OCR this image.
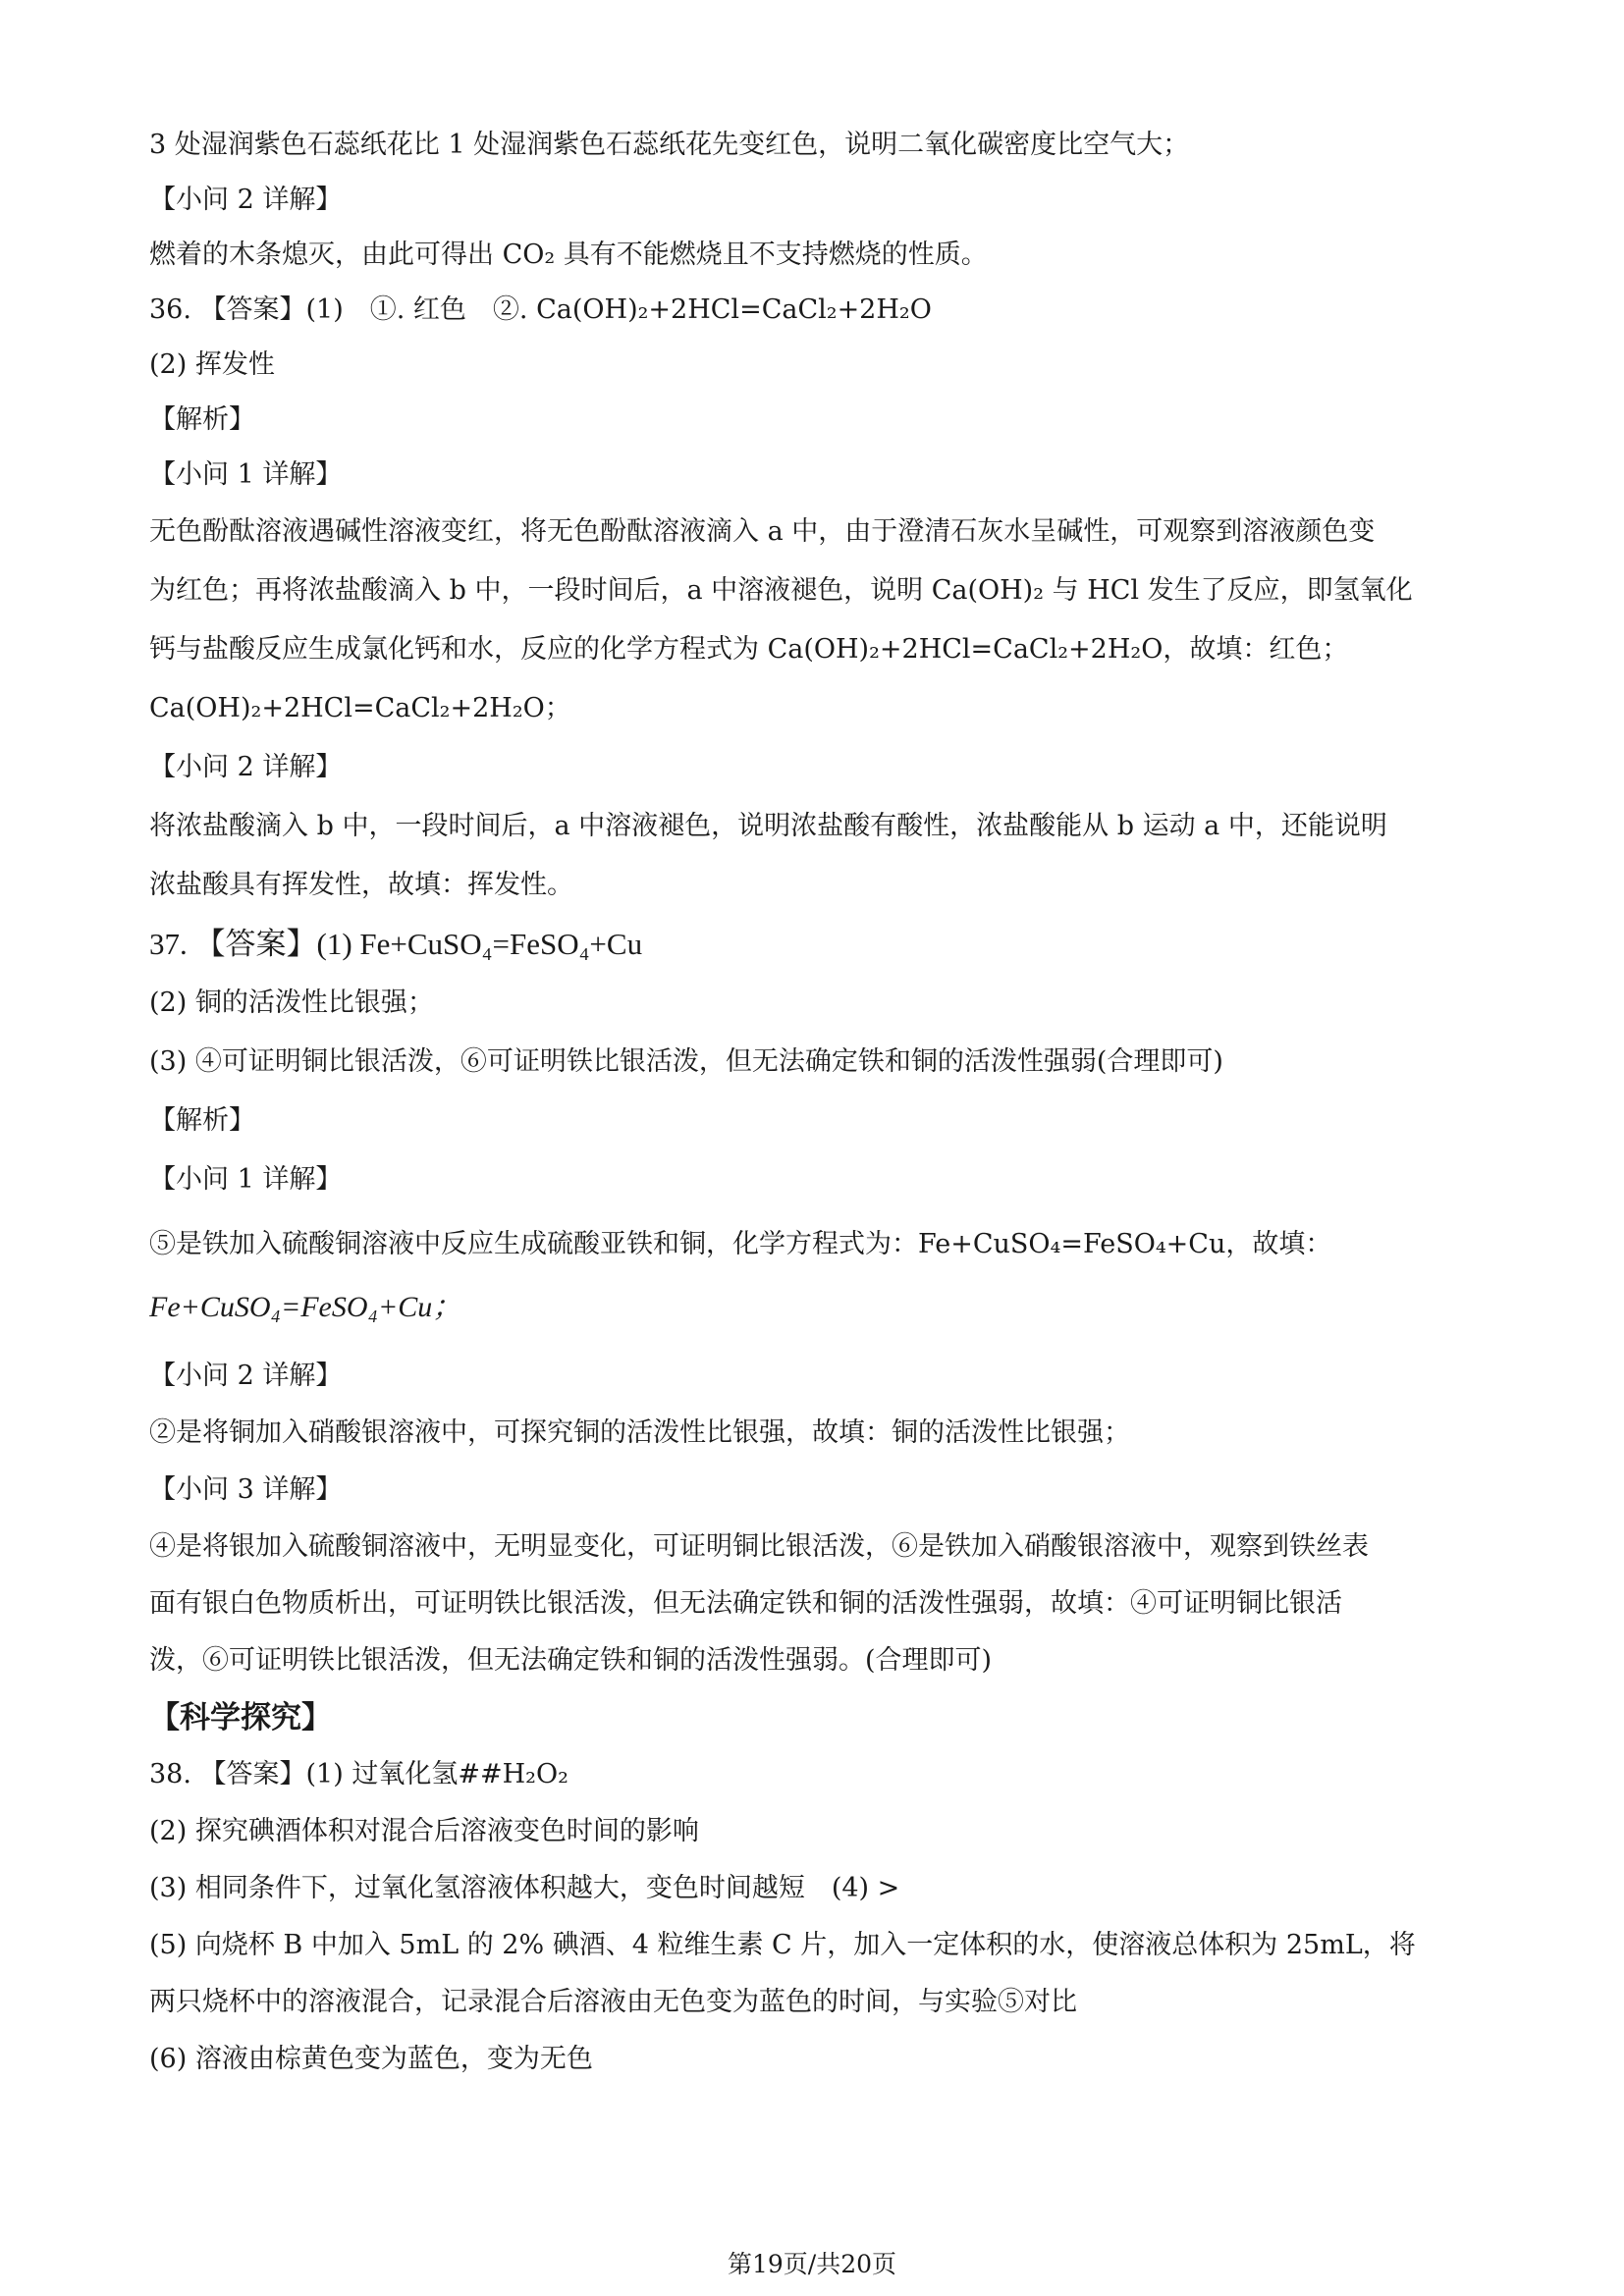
3 处湿润紫色石蕊纸花比 1 处湿润紫色石蕊纸花先变红色，说明二氧化碳密度比空气大；
【小问 2 详解】
燃着的木条熄灭，由此可得出 CO₂ 具有不能燃烧且不支持燃烧的性质。
36. 【答案】(1)　①. 红色　②. Ca(OH)₂+2HCl=CaCl₂+2H₂O
(2) 挥发性
【解析】
【小问 1 详解】
无色酚酞溶液遇碱性溶液变红，将无色酚酞溶液滴入 a 中，由于澄清石灰水呈碱性，可观察到溶液颜色变
为红色；再将浓盐酸滴入 b 中，一段时间后，a 中溶液褪色，说明 Ca(OH)₂ 与 HCl 发生了反应，即氢氧化
钙与盐酸反应生成氯化钙和水，反应的化学方程式为 Ca(OH)₂+2HCl=CaCl₂+2H₂O，故填：红色；
Ca(OH)₂+2HCl=CaCl₂+2H₂O；
【小问 2 详解】
将浓盐酸滴入 b 中，一段时间后，a 中溶液褪色，说明浓盐酸有酸性，浓盐酸能从 b 运动 a 中，还能说明
浓盐酸具有挥发性，故填：挥发性。
37. 【答案】(1) Fe+CuSO₄=FeSO₄+Cu
(2) 铜的活泼性比银强；
(3) ④可证明铜比银活泼，⑥可证明铁比银活泼，但无法确定铁和铜的活泼性强弱(合理即可)
【解析】
【小问 1 详解】
⑤是铁加入硫酸铜溶液中反应生成硫酸亚铁和铜，化学方程式为：Fe+CuSO₄=FeSO₄+Cu，故填：
Fe+CuSO₄=FeSO₄+Cu；
【小问 2 详解】
②是将铜加入硝酸银溶液中，可探究铜的活泼性比银强，故填：铜的活泼性比银强；
【小问 3 详解】
④是将银加入硫酸铜溶液中，无明显变化，可证明铜比银活泼，⑥是铁加入硝酸银溶液中，观察到铁丝表
面有银白色物质析出，可证明铁比银活泼，但无法确定铁和铜的活泼性强弱，故填：④可证明铜比银活
泼，⑥可证明铁比银活泼，但无法确定铁和铜的活泼性强弱。(合理即可)
【科学探究】
38. 【答案】(1) 过氧化氢##H₂O₂
(2) 探究碘酒体积对混合后溶液变色时间的影响
(3) 相同条件下，过氧化氢溶液体积越大，变色时间越短　(4) >
(5) 向烧杯 B 中加入 5mL 的 2% 碘酒、4 粒维生素 C 片，加入一定体积的水，使溶液总体积为 25mL，将
两只烧杯中的溶液混合，记录混合后溶液由无色变为蓝色的时间，与实验⑤对比
(6) 溶液由棕黄色变为蓝色，变为无色
第19页/共20页
